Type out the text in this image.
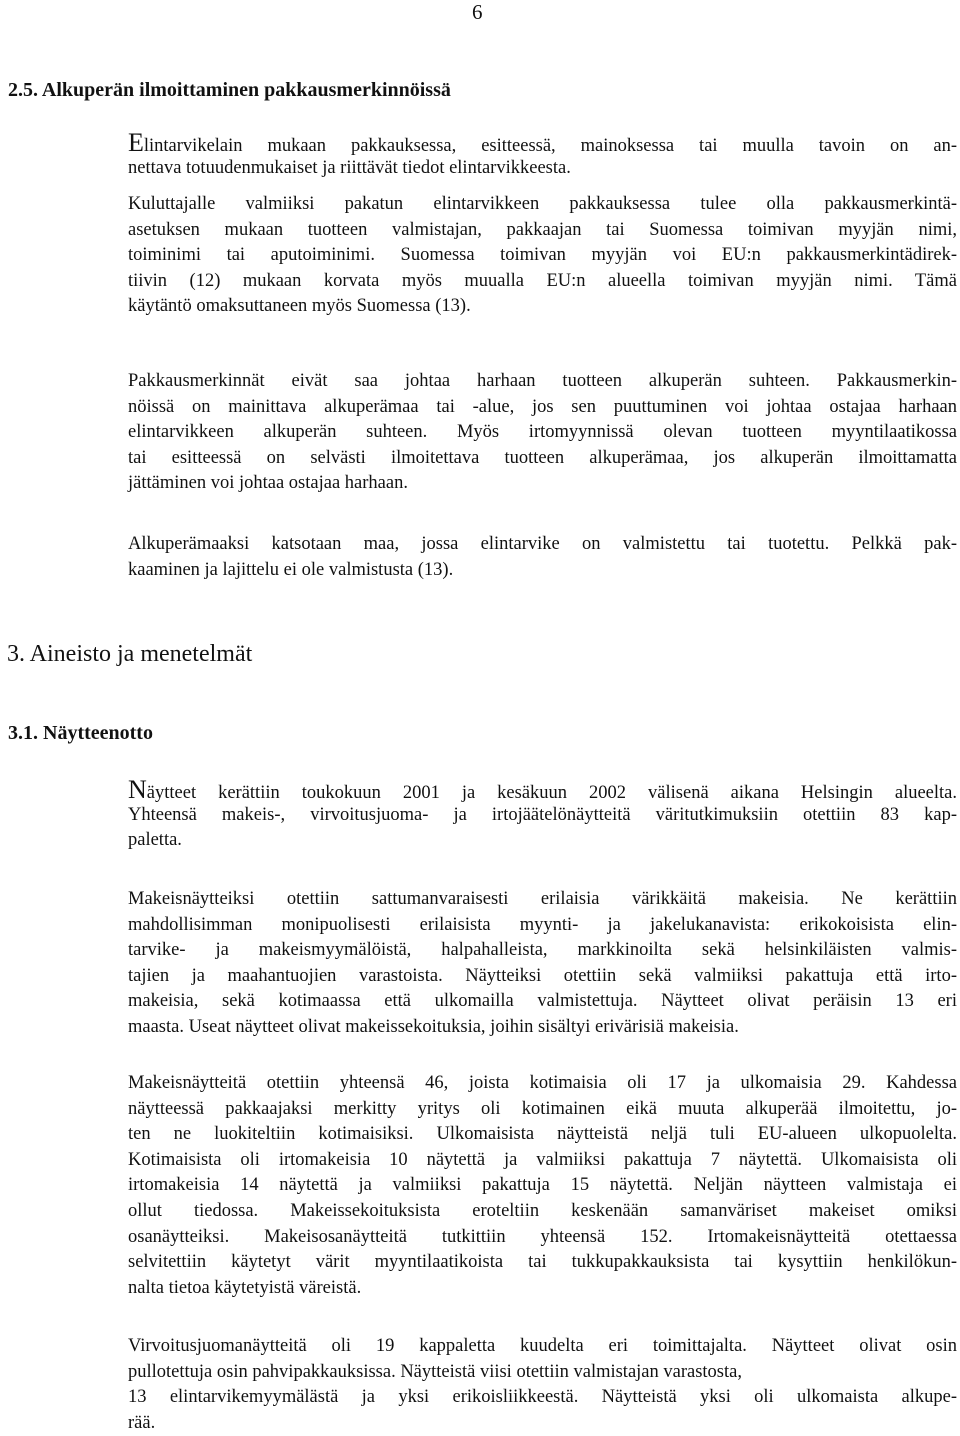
6
2.5. Alkuperän ilmoittaminen pakkausmerkinnöissä
Elintarvikelain mukaan pakkauksessa, esitteessä, mainoksessa tai muulla tavoin on an-
nettava totuudenmukaiset ja riittävät tiedot elintarvikkeesta.
Kuluttajalle valmiiksi pakatun elintarvikkeen pakkauksessa tulee olla pakkausmerkintä-
asetuksen mukaan tuotteen valmistajan, pakkaajan tai Suomessa toimivan myyjän nimi,
toiminimi tai aputoiminimi. Suomessa toimivan myyjän voi EU:n pakkausmerkintädirek-
tiivin (12) mukaan korvata myös muualla EU:n alueella toimivan myyjän nimi. Tämä
käytäntö omaksuttaneen myös Suomessa (13).
Pakkausmerkinnät eivät saa johtaa harhaan tuotteen alkuperän suhteen. Pakkausmerkin-
nöissä on mainittava alkuperämaa tai -alue, jos sen puuttuminen voi johtaa ostajaa harhaan
elintarvikkeen alkuperän suhteen. Myös irtomyynnissä olevan tuotteen myyntilaatikossa
tai esitteessä on selvästi ilmoitettava tuotteen alkuperämaa, jos alkuperän ilmoittamatta
jättäminen voi johtaa ostajaa harhaan.
Alkuperämaaksi katsotaan maa, jossa elintarvike on valmistettu tai tuotettu. Pelkkä pak-
kaaminen ja lajittelu ei ole valmistusta (13).
3. Aineisto ja menetelmät
3.1. Näytteenotto
Näytteet kerättiin toukokuun 2001 ja kesäkuun 2002 välisenä aikana Helsingin alueelta.
Yhteensä makeis-, virvoitusjuoma- ja irtojäätelönäytteitä väritutkimuksiin otettiin 83 kap-
paletta.
Makeisnäytteiksi otettiin sattumanvaraisesti erilaisia värikkäitä makeisia. Ne kerättiin
mahdollisimman monipuolisesti erilaisista myynti- ja jakelukanavista: erikokoisista elin-
tarvike- ja makeismyymälöistä, halpahalleista, markkinoilta sekä helsinkiläisten valmis-
tajien ja maahantuojien varastoista. Näytteiksi otettiin sekä valmiiksi pakattuja että irto-
makeisia, sekä kotimaassa että ulkomailla valmistettuja. Näytteet olivat peräisin 13 eri
maasta. Useat näytteet olivat makeissekoituksia, joihin sisältyi erivärisiä makeisia.
Makeisnäytteitä otettiin yhteensä 46, joista kotimaisia oli 17 ja ulkomaisia 29. Kahdessa
näytteessä pakkaajaksi merkitty yritys oli kotimainen eikä muuta alkuperää ilmoitettu, jo-
ten ne luokiteltiin kotimaisiksi. Ulkomaisista näytteistä neljä tuli EU-alueen ulkopuolelta.
Kotimaisista oli irtomakeisia 10 näytettä ja valmiiksi pakattuja 7 näytettä. Ulkomaisista oli
irtomakeisia 14 näytettä ja valmiiksi pakattuja 15 näytettä. Neljän näytteen valmistaja ei
ollut tiedossa. Makeissekoituksista eroteltiin keskenään samanväriset makeiset omiksi
osanäytteiksi. Makeisosanäytteitä tutkittiin yhteensä 152. Irtomakeisnäytteitä otettaessa
selvitettiin käytetyt värit myyntilaatikoista tai tukkupakkauksista tai kysyttiin henkilökun-
nalta tietoa käytetyistä väreistä.
Virvoitusjuomanäytteitä oli 19 kappaletta kuudelta eri toimittajalta. Näytteet olivat osin
pullotettuja osin pahvipakkauksissa. Näytteistä viisi otettiin valmistajan varastosta,
13 elintarvikemyymälästä ja yksi erikoisliikkeestä. Näytteistä yksi oli ulkomaista alkupe-
rää.
